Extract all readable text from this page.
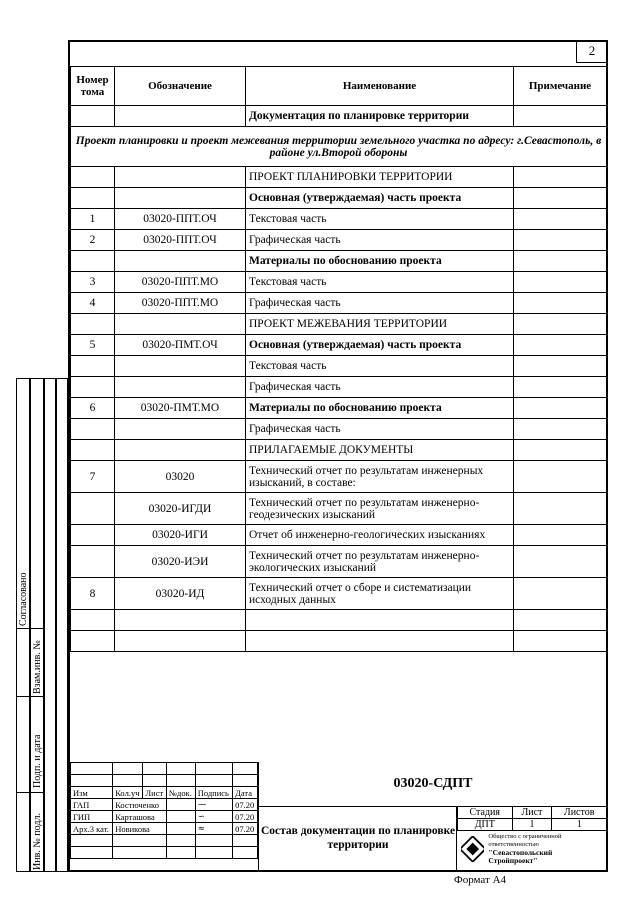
2
Номер тома	Обозначение	Наименование	Примечание
		Документация по планировке территории	
Проект планировки и проект межевания территории земельного участка по адресу: г.Севастополь, в районе ул.Второй обороны			
		ПРОЕКТ ПЛАНИРОВКИ ТЕРРИТОРИИ	
		Основная (утверждаемая) часть проекта	
1	03020-ППТ.ОЧ	Текстовая часть	
2	03020-ППТ.ОЧ	Графическая часть	
		Материалы по обоснованию проекта	
3	03020-ППТ.МО	Текстовая часть	
4	03020-ППТ.МО	Графическая часть	
		ПРОЕКТ МЕЖЕВАНИЯ ТЕРРИТОРИИ	
5	03020-ПМТ.ОЧ	Основная (утверждаемая) часть проекта	
		Текстовая часть	
		Графическая часть	
6	03020-ПМТ.МО	Материалы по обоснованию проекта	
		Графическая часть	
		ПРИЛАГАЕМЫЕ ДОКУМЕНТЫ	
7	03020	Технический отчет по результатам инженерных изысканий, в составе:	
	03020-ИГДИ	Технический отчет по результатам инженерно-геодезических изысканий	
	03020-ИГИ	Отчет об инженерно-геологических изысканиях	
	03020-ИЭИ	Технический отчет по результатам инженерно-экологических изысканий	
8	03020-ИД	Технический отчет о сборе и систематизации исходных данных	

Согласовано
Взам.инв. №
Подп. и дата
Инв. № подл.

Изм	Кол.уч	Лист	№док.	Подпись	Дата
ГАП	Костюченко			⁓	07.20
ГИП	Карташова			∽	07.20
Арх.3 кат.	Новикова			≈	07.20

03020-СДПТ
Состав документации по планировке территории
Стадия	Лист	Листов
ДПТ	1	1
Общество с ограниченной ответственностью
"Севастопольский Стройпроект"
Формат А4
